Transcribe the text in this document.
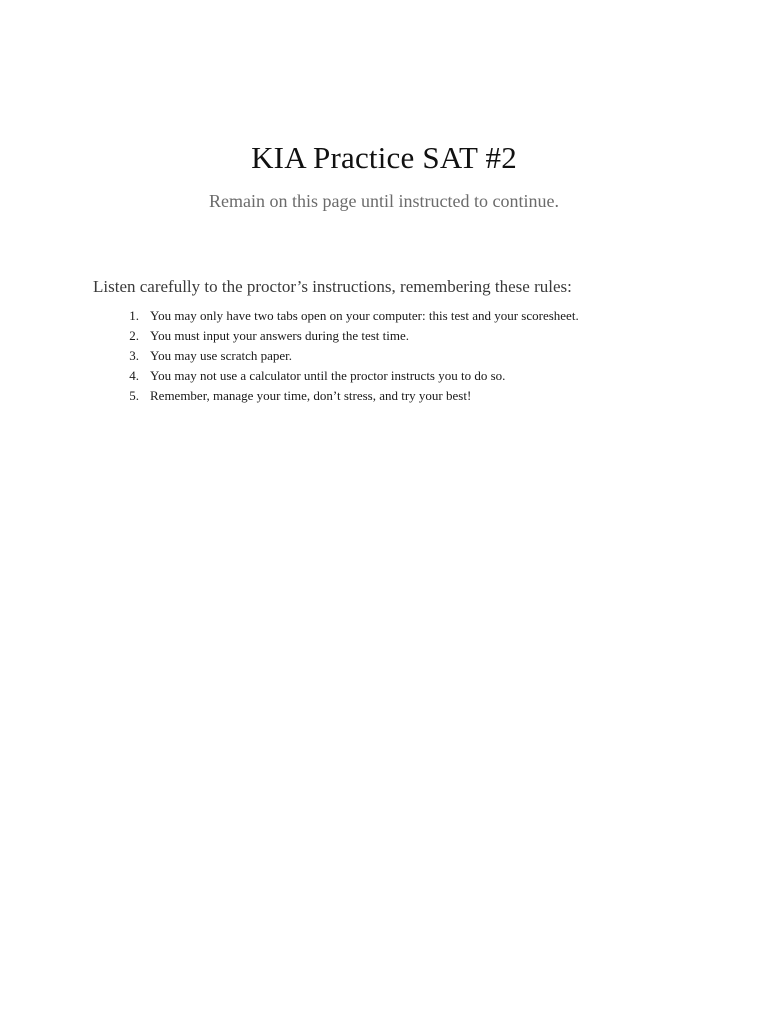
KIA Practice SAT #2

Remain on this page until instructed to continue.

Listen carefully to the proctor’s instructions, remembering these rules:

1. You may only have two tabs open on your computer: this test and your scoresheet.
2. You must input your answers during the test time.
3. You may use scratch paper.
4. You may not use a calculator until the proctor instructs you to do so.
5. Remember, manage your time, don’t stress, and try your best!
